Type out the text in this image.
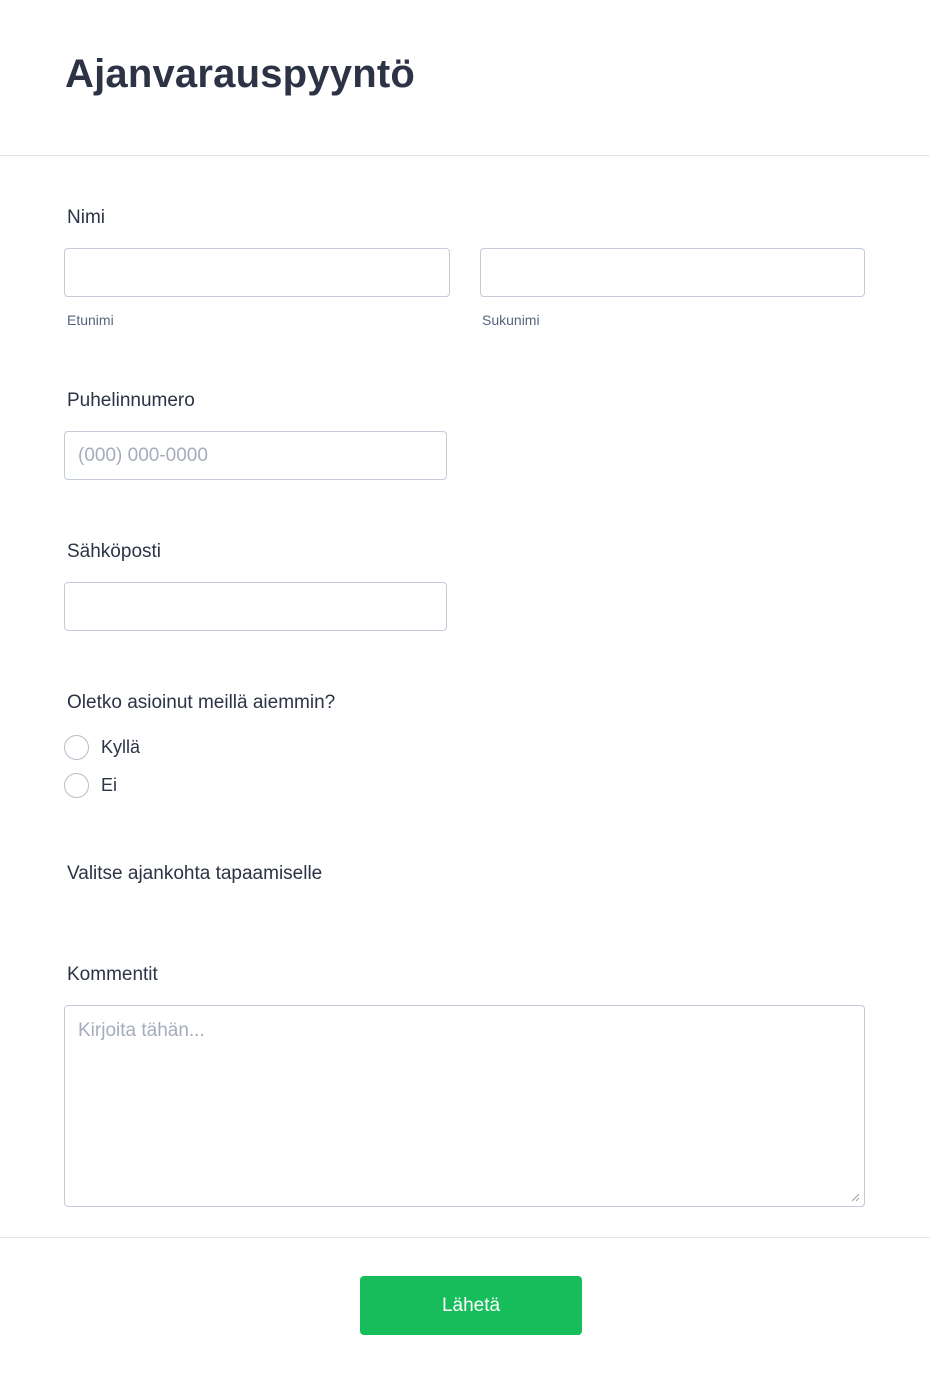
Ajanvarauspyyntö
Nimi
Etunimi	Sukunimi
Puhelinnumero
(000) 000-0000
Sähköposti
Oletko asioinut meillä aiemmin?
Kyllä
Ei
Valitse ajankohta tapaamiselle
Kommentit
Kirjoita tähän...
Lähetä
